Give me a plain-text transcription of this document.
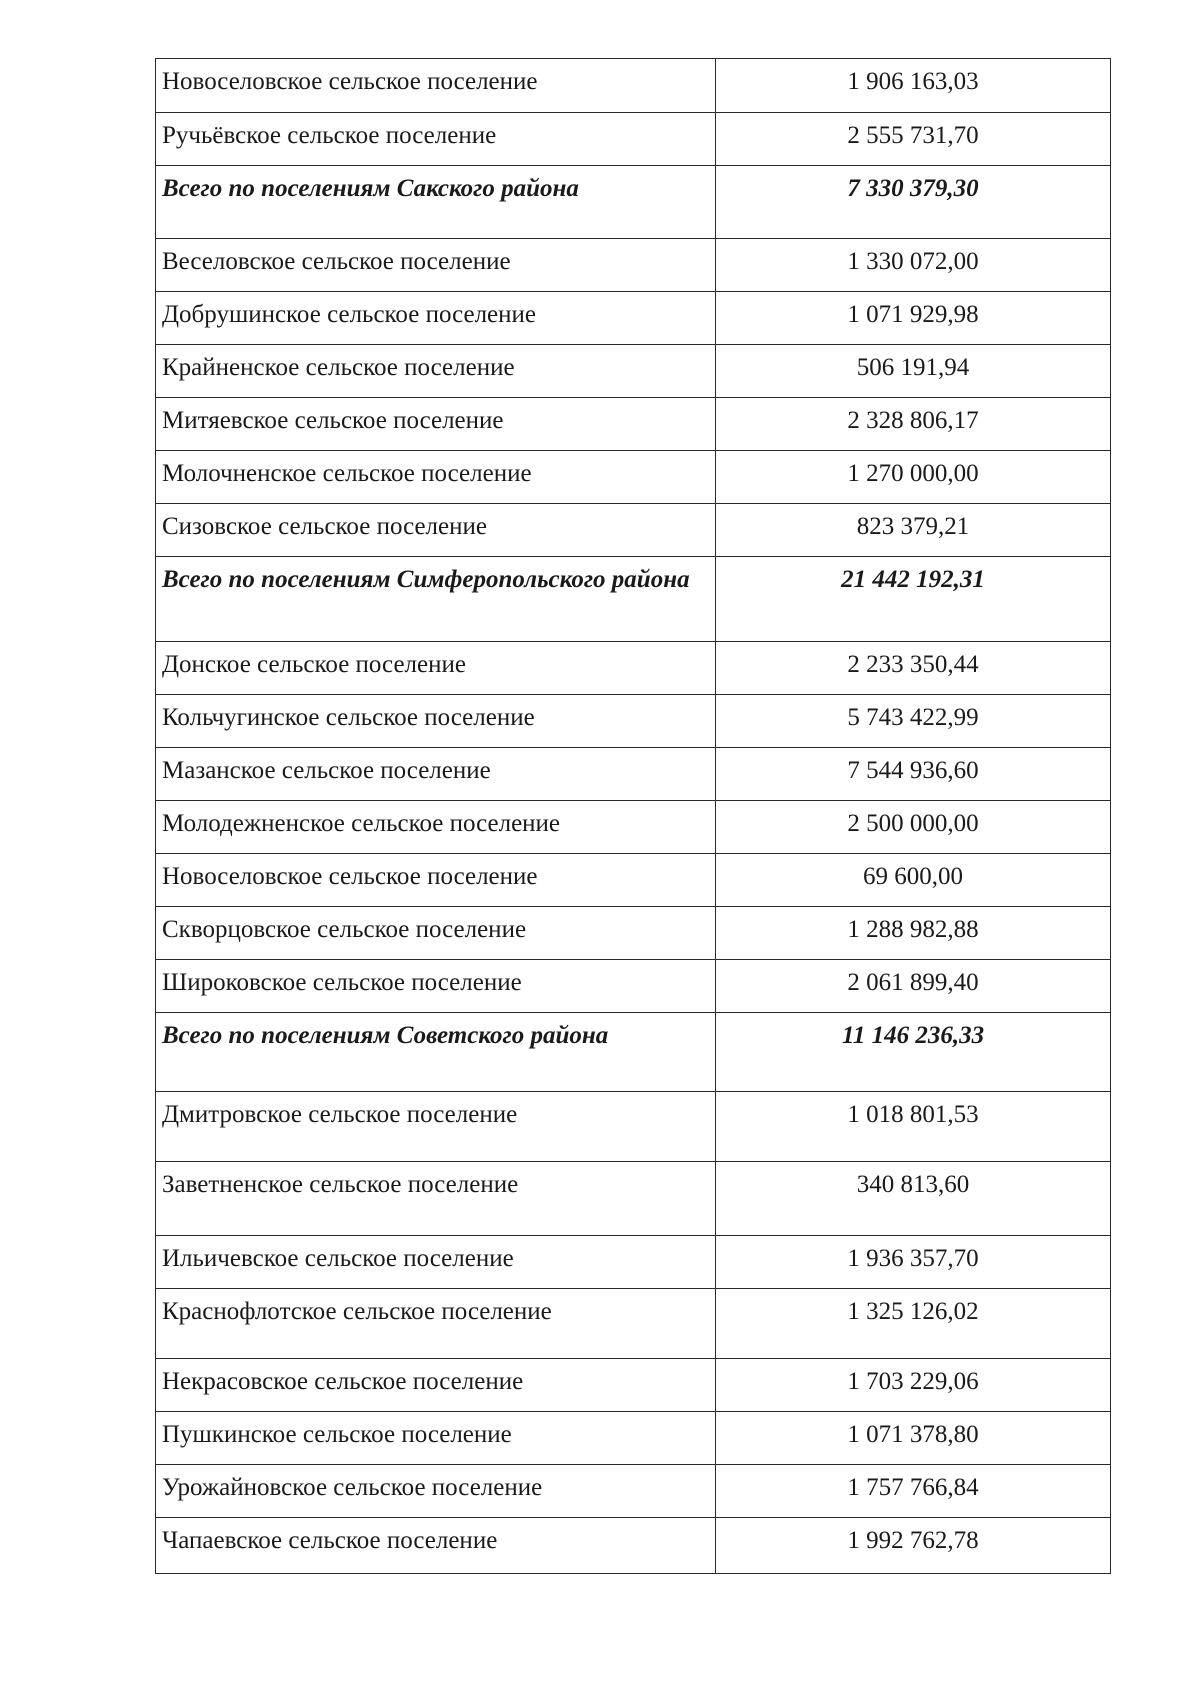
Новоселовское сельское поселение	1 906 163,03
Ручьёвское сельское поселение	2 555 731,70
Всего по поселениям Сакского района	7 330 379,30
Веселовское сельское поселение	1 330 072,00
Добрушинское сельское поселение	1 071 929,98
Крайненское сельское поселение	506 191,94
Митяевское сельское поселение	2 328 806,17
Молочненское сельское поселение	1 270 000,00
Сизовское сельское поселение	823 379,21
Всего по поселениям Симферопольского района	21 442 192,31
Донское сельское поселение	2 233 350,44
Кольчугинское сельское поселение	5 743 422,99
Мазанское сельское поселение	7 544 936,60
Молодежненское сельское поселение	2 500 000,00
Новоселовское сельское поселение	69 600,00
Скворцовское сельское поселение	1 288 982,88
Широковское сельское поселение	2 061 899,40
Всего по поселениям Советского района	11 146 236,33
Дмитровское сельское поселение	1 018 801,53
Заветненское сельское поселение	340 813,60
Ильичевское сельское поселение	1 936 357,70
Краснофлотское сельское поселение	1 325 126,02
Некрасовское сельское поселение	1 703 229,06
Пушкинское сельское поселение	1 071 378,80
Урожайновское сельское поселение	1 757 766,84
Чапаевское сельское поселение	1 992 762,78
